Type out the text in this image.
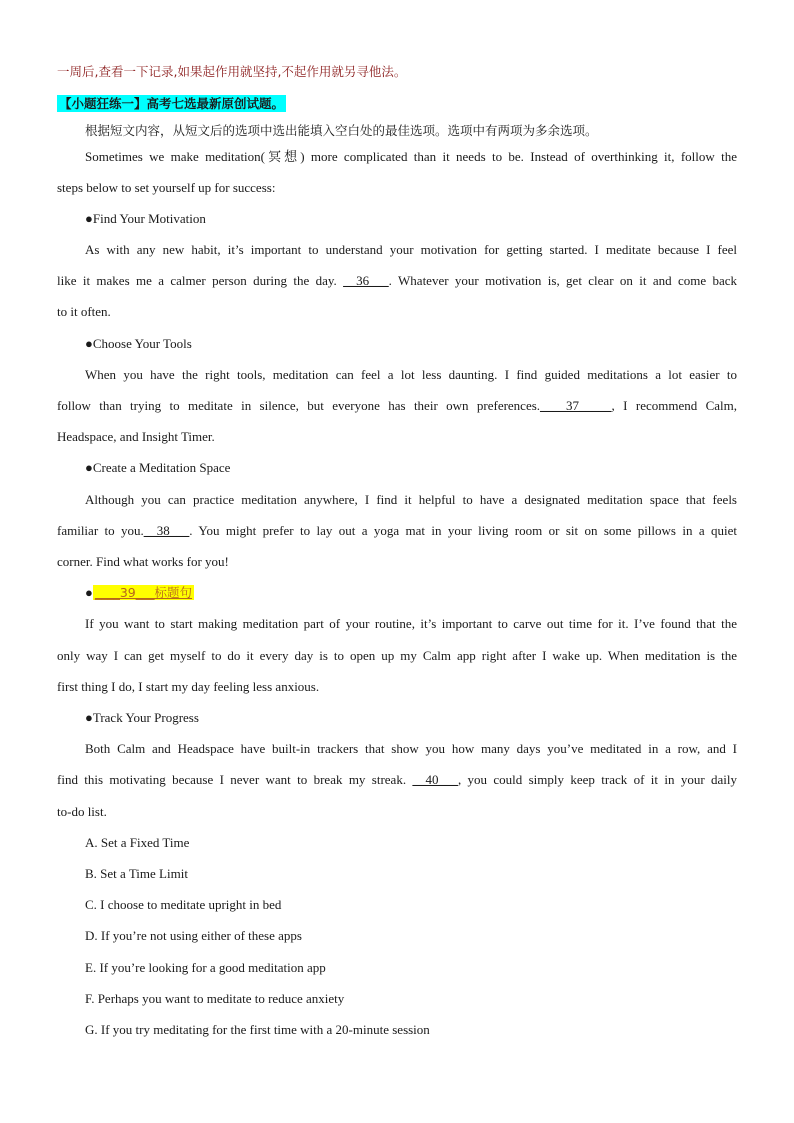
一周后,查看一下记录,如果起作用就坚持,不起作用就另寻他法。
【小题狂练一】高考七选最新原创试题。
根据短文内容，从短文后的选项中选出能填入空白处的最佳选项。选项中有两项为多余选项。
Sometimes we make meditation(冥想) more complicated than it needs to be. Instead of overthinking it, follow the
steps below to set yourself up for success:
●Find Your Motivation
As with any new habit, it’s important to understand your motivation for getting started. I meditate because I feel
like it makes me a calmer person during the day. __36___. Whatever your motivation is, get clear on it and come back
to it often.
●Choose Your Tools
When you have the right tools, meditation can feel a lot less daunting. I find guided meditations a lot easier to
follow than trying to meditate in silence, but everyone has their own preferences.____37_____, I recommend Calm,
Headspace, and Insight Timer.
●Create a Meditation Space
Although you can practice meditation anywhere, I find it helpful to have a designated meditation space that feels
familiar to you.__38___. You might prefer to lay out a yoga mat in your living room or sit on some pillows in a quiet
corner. Find what works for you!
● ____39___标题句
If you want to start making meditation part of your routine, it’s important to carve out time for it. I’ve found that the
only way I can get myself to do it every day is to open up my Calm app right after I wake up. When meditation is the
first thing I do, I start my day feeling less anxious.
●Track Your Progress
Both Calm and Headspace have built-in trackers that show you how many days you’ve meditated in a row, and I
find this motivating because I never want to break my streak. __40___, you could simply keep track of it in your daily
to-do list.
A. Set a Fixed Time
B. Set a Time Limit
C. I choose to meditate upright in bed
D. If you’re not using either of these apps
E. If you’re looking for a good meditation app
F. Perhaps you want to meditate to reduce anxiety
G. If you try meditating for the first time with a 20-minute session
